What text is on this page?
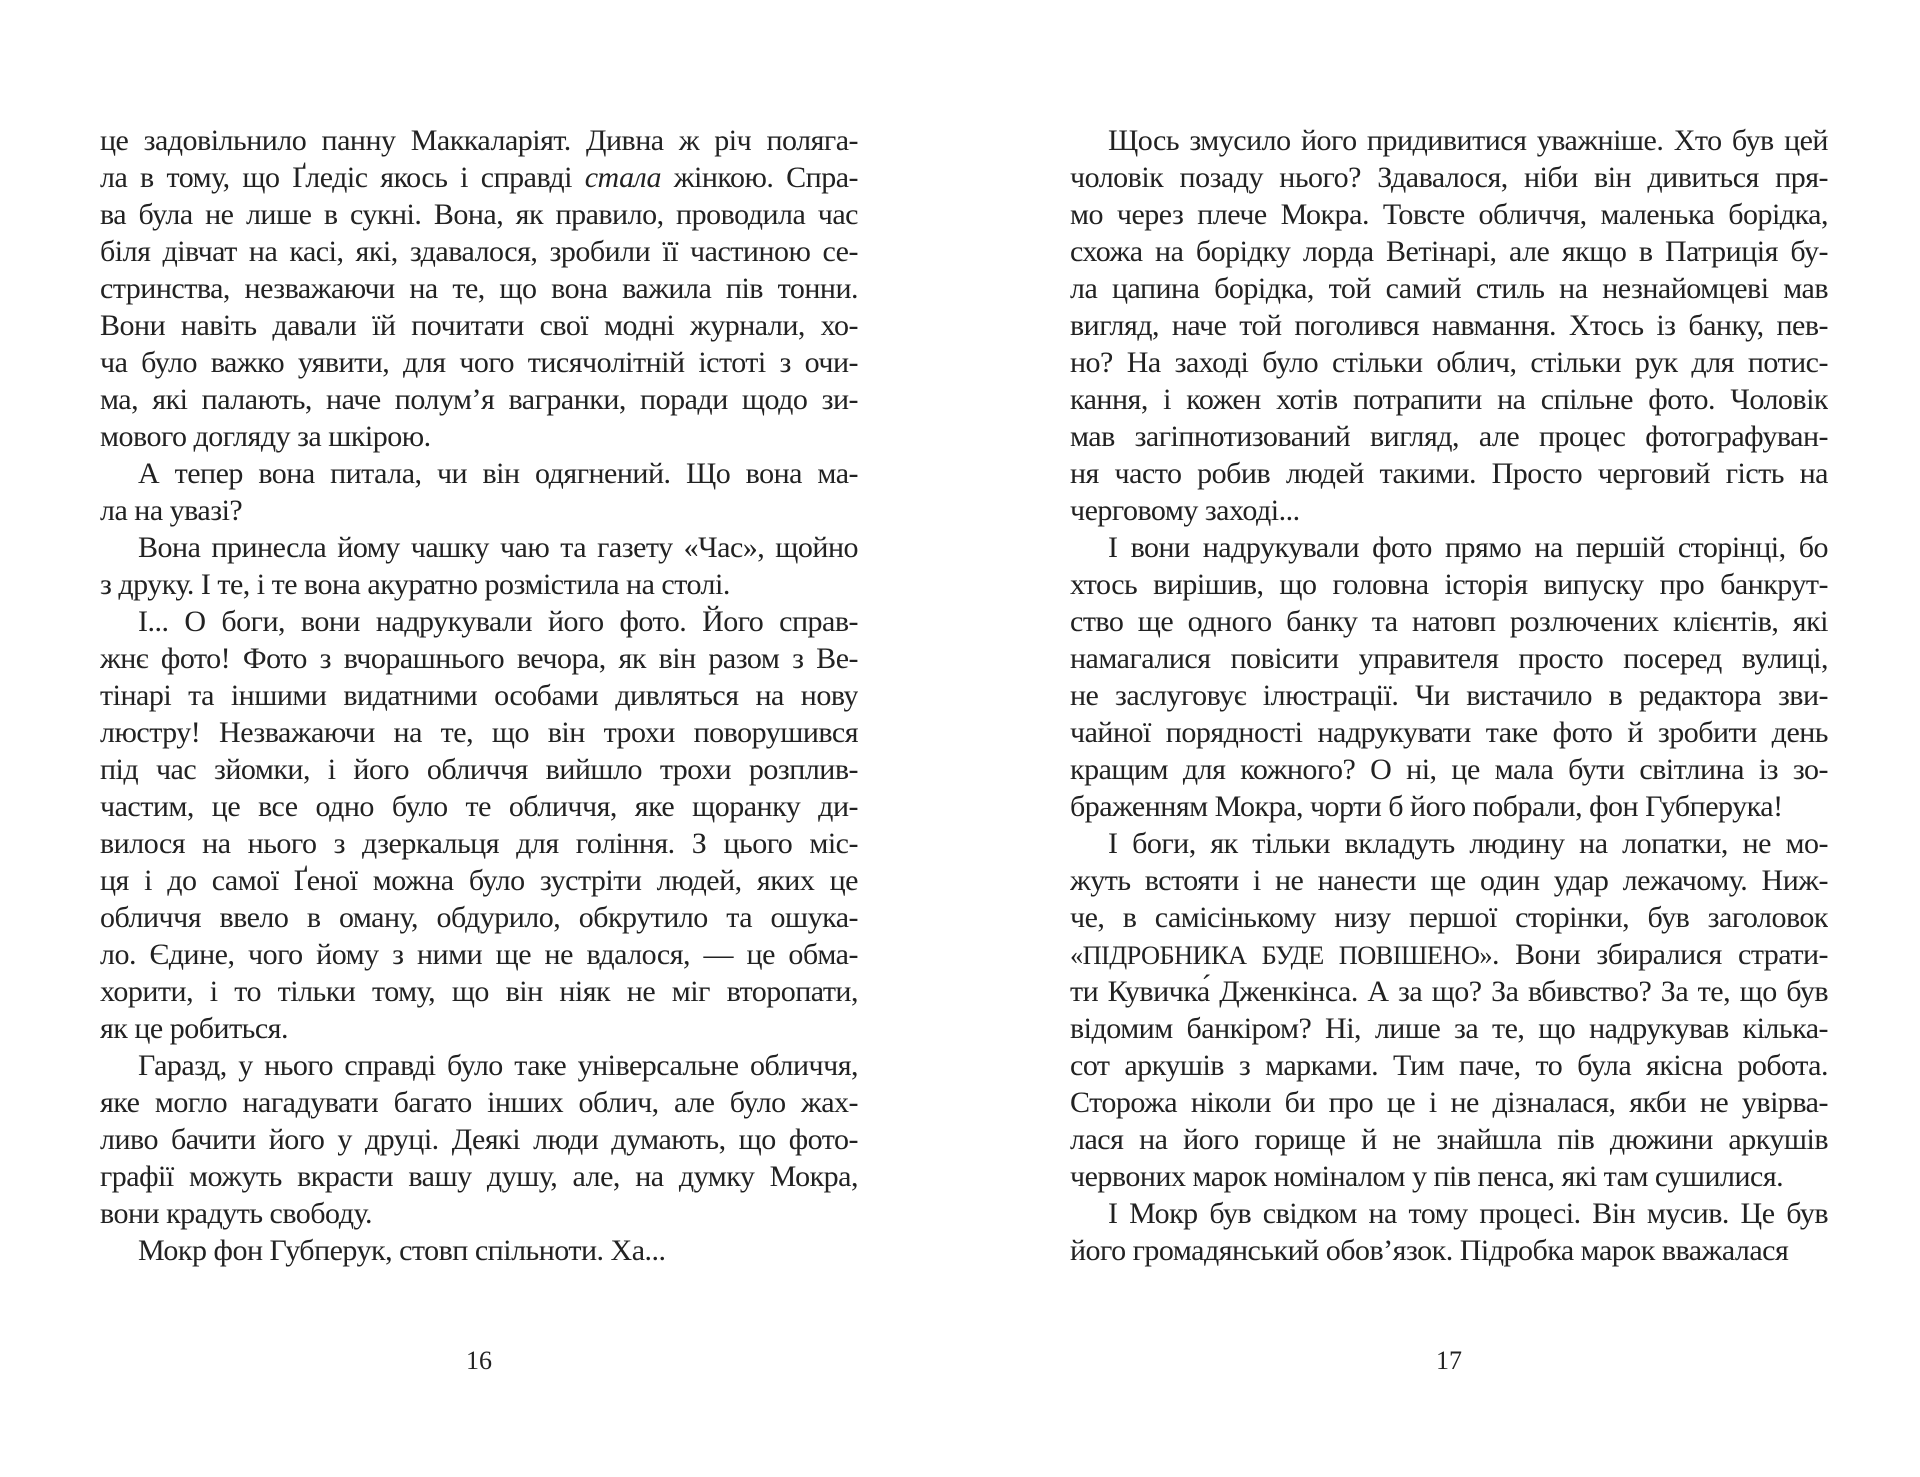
це задовільнило панну Маккаларіят. Дивна ж річ поляга-
ла в тому, що Ґледіс якось і справді стала жінкою. Спра-
ва була не лише в сукні. Вона, як правило, проводила час
біля дівчат на касі, які, здавалося, зробили її частиною се-
стринства, незважаючи на те, що вона важила пів тонни.
Вони навіть давали їй почитати свої модні журнали, хо-
ча було важко уявити, для чого тисячолітній істоті з очи-
ма, які палають, наче полум’я вагранки, поради щодо зи-
мового догляду за шкірою.
А тепер вона питала, чи він одягнений. Що вона ма-
ла на увазі?
Вона принесла йому чашку чаю та газету «Час», щойно
з друку. І те, і те вона акуратно розмістила на столі.
І... О боги, вони надрукували його фото. Його справ-
жнє фото! Фото з вчорашнього вечора, як він разом з Ве-
тінарі та іншими видатними особами дивляться на нову
люстру! Незважаючи на те, що він трохи поворушився
під час зйомки, і його обличчя вийшло трохи розплив-
частим, це все одно було те обличчя, яке щоранку ди-
вилося на нього з дзеркальця для гоління. З цього міс-
ця і до самої Ґеної можна було зустріти людей, яких це
обличчя ввело в оману, обдурило, обкрутило та ошука-
ло. Єдине, чого йому з ними ще не вдалося, — це обма-
хорити, і то тільки тому, що він ніяк не міг второпати,
як це робиться.
Гаразд, у нього справді було таке універсальне обличчя,
яке могло нагадувати багато інших облич, але було жах-
ливо бачити його у друці. Деякі люди думають, що фото-
графії можуть вкрасти вашу душу, але, на думку Мокра,
вони крадуть свободу.
Мокр фон Губперук, стовп спільноти. Ха...
16
Щось змусило його придивитися уважніше. Хто був цей
чоловік позаду нього? Здавалося, ніби він дивиться пря-
мо через плече Мокра. Товсте обличчя, маленька борідка,
схожа на борідку лорда Ветінарі, але якщо в Патриція бу-
ла цапина борідка, той самий стиль на незнайомцеві мав
вигляд, наче той поголився навмання. Хтось із банку, пев-
но? На заході було стільки облич, стільки рук для потис-
кання, і кожен хотів потрапити на спільне фото. Чоловік
мав загіпнотизований вигляд, але процес фотографуван-
ня часто робив людей такими. Просто черговий гість на
черговому заході...
І вони надрукували фото прямо на першій сторінці, бо
хтось вирішив, що головна історія випуску про банкрут-
ство ще одного банку та натовп розлючених клієнтів, які
намагалися повісити управителя просто посеред вулиці,
не заслуговує ілюстрації. Чи вистачило в редактора зви-
чайної порядності надрукувати таке фото й зробити день
кращим для кожного? О ні, це мала бути світлина із зо-
браженням Мокра, чорти б його побрали, фон Губперука!
І боги, як тільки вкладуть людину на лопатки, не мо-
жуть встояти і не нанести ще один удар лежачому. Ниж-
че, в самісінькому низу першої сторінки, був заголовок
«ПІДРОБНИКА БУДЕ ПОВІШЕНО». Вони збиралися страти-
ти Кувичка́ Дженкінса. А за що? За вбивство? За те, що був
відомим банкіром? Ні, лише за те, що надрукував кілька-
сот аркушів з марками. Тим паче, то була якісна робота.
Сторожа ніколи би про це і не дізналася, якби не увірва-
лася на його горище й не знайшла пів дюжини аркушів
червоних марок номіналом у пів пенса, які там сушилися.
І Мокр був свідком на тому процесі. Він мусив. Це був
його громадянський обов’язок. Підробка марок вважалася
17
